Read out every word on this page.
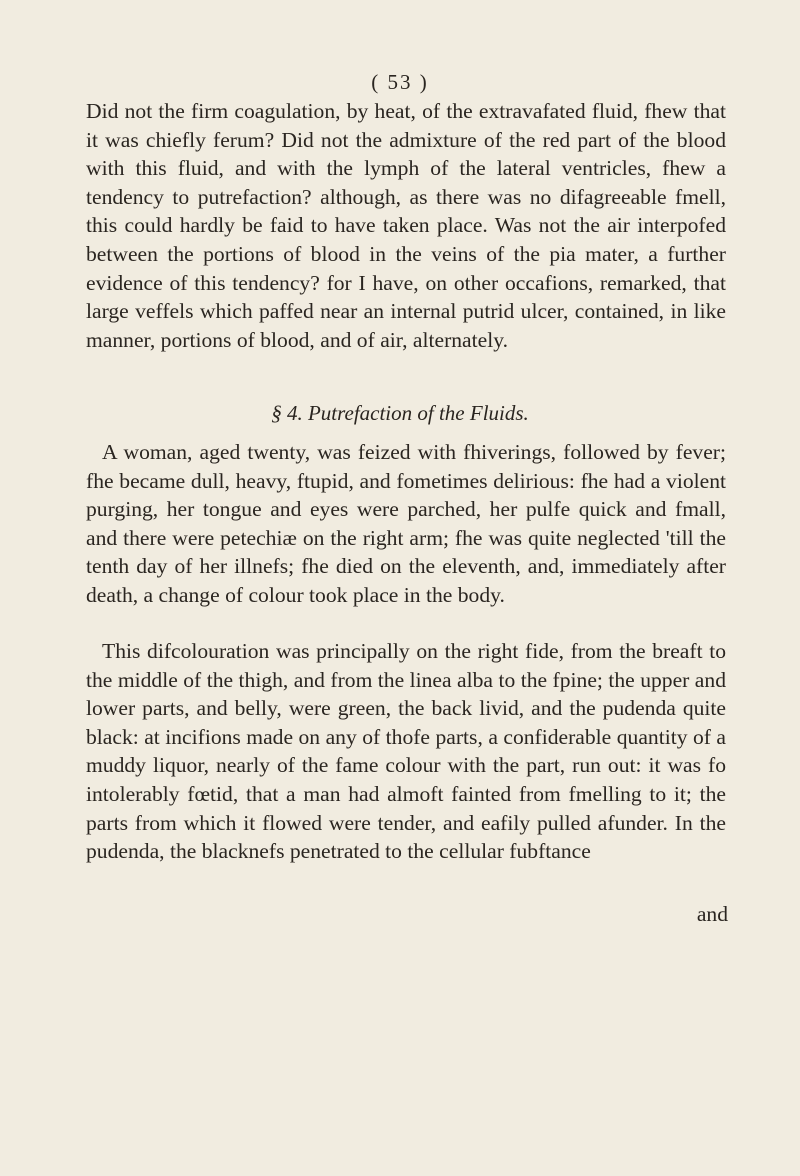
( 53 )

Did not the firm coagulation, by heat, of the extravafated fluid, fhew that it was chiefly ferum? Did not the admixture of the red part of the blood with this fluid, and with the lymph of the lateral ventricles, fhew a tendency to putrefaction? although, as there was no difagreeable fmell, this could hardly be faid to have taken place. Was not the air interpofed between the portions of blood in the veins of the pia mater, a further evidence of this tendency? for I have, on other occafions, remarked, that large veffels which paffed near an internal putrid ulcer, contained, in like manner, portions of blood, and of air, alternately.

§ 4. Putrefaction of the Fluids.

A woman, aged twenty, was feized with fhiverings, followed by fever; fhe became dull, heavy, ftupid, and fometimes delirious: fhe had a violent purging, her tongue and eyes were parched, her pulfe quick and fmall, and there were petechiæ on the right arm; fhe was quite neglected 'till the tenth day of her illnefs; fhe died on the eleventh, and, immediately after death, a change of colour took place in the body.

This difcolouration was principally on the right fide, from the breaft to the middle of the thigh, and from the linea alba to the fpine; the upper and lower parts, and belly, were green, the back livid, and the pudenda quite black: at incifions made on any of thofe parts, a confiderable quantity of a muddy liquor, nearly of the fame colour with the part, run out: it was fo intolerably fœtid, that a man had almoft fainted from fmelling to it; the parts from which it flowed were tender, and eafily pulled afunder. In the pudenda, the blacknefs penetrated to the cellular fubftance

and
